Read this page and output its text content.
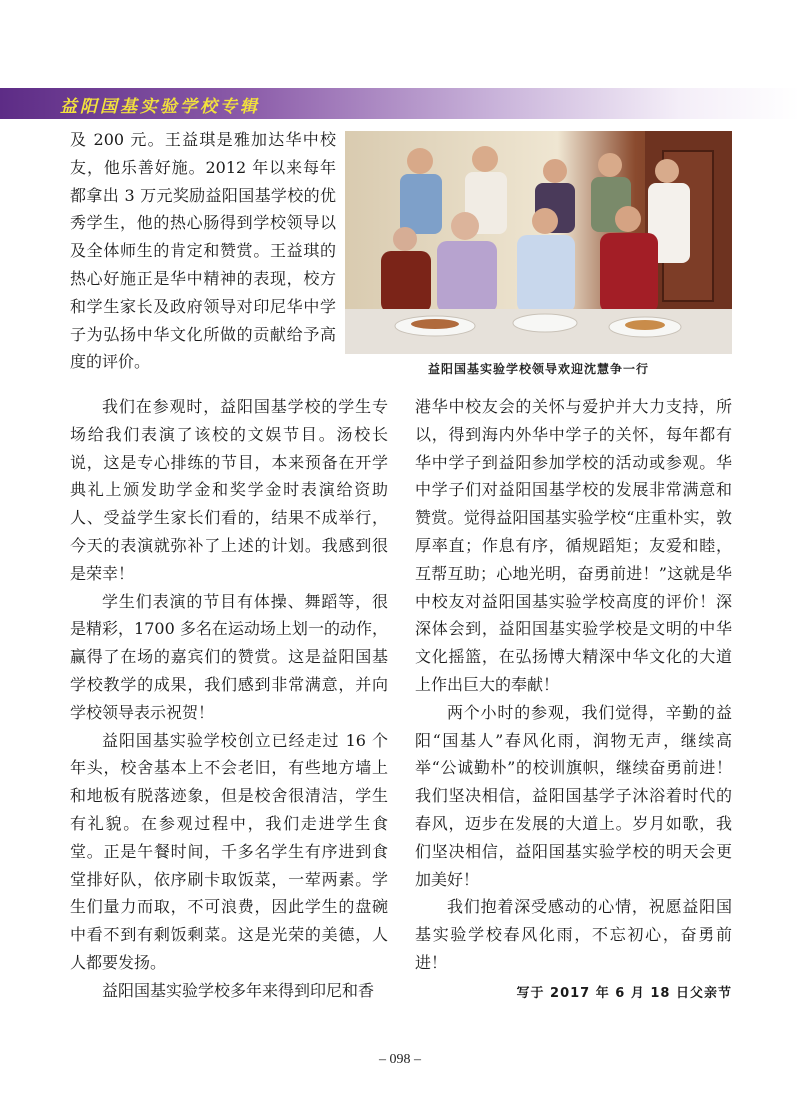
益阳国基实验学校专辑

及 200 元。王益琪是雅加达华中校友，他乐善好施。2012 年以来每年都拿出 3 万元奖励益阳国基学校的优秀学生，他的热心肠得到学校领导以及全体师生的肯定和赞赏。王益琪的热心好施正是华中精神的表现，校方和学生家长及政府领导对印尼华中学子为弘扬中华文化所做的贡献给予高度的评价。	益阳国基实验学校领导欢迎沈慧争一行

我们在参观时，益阳国基学校的学生专场给我们表演了该校的文娱节目。汤校长说，这是专心排练的节目，本来预备在开学典礼上颁发助学金和奖学金时表演给资助人、受益学生家长们看的，结果不成举行，今天的表演就弥补了上述的计划。我感到很是荣幸！

学生们表演的节目有体操、舞蹈等，很是精彩，1700 多名在运动场上划一的动作，赢得了在场的嘉宾们的赞赏。这是益阳国基学校教学的成果，我们感到非常满意，并向学校领导表示祝贺！

益阳国基实验学校创立已经走过 16 个年头，校舍基本上不会老旧，有些地方墙上和地板有脱落迹象，但是校舍很清洁，学生有礼貌。在参观过程中，我们走进学生食堂。正是午餐时间，千多名学生有序进到食堂排好队，依序刷卡取饭菜，一荤两素。学生们量力而取，不可浪费，因此学生的盘碗中看不到有剩饭剩菜。这是光荣的美德，人人都要发扬。

益阳国基实验学校多年来得到印尼和香

港华中校友会的关怀与爱护并大力支持，所以，得到海内外华中学子的关怀，每年都有华中学子到益阳参加学校的活动或参观。华中学子们对益阳国基学校的发展非常满意和赞赏。觉得益阳国基实验学校“庄重朴实，敦厚率直；作息有序，循规蹈矩；友爱和睦，互帮互助；心地光明，奋勇前进！”这就是华中校友对益阳国基实验学校高度的评价！深深体会到，益阳国基实验学校是文明的中华文化摇篮，在弘扬博大精深中华文化的大道上作出巨大的奉献！

两个小时的参观，我们觉得，辛勤的益阳“国基人”春风化雨，润物无声，继续高举“公诚勤朴”的校训旗帜，继续奋勇前进！我们坚决相信，益阳国基学子沐浴着时代的春风，迈步在发展的大道上。岁月如歌，我们坚决相信，益阳国基实验学校的明天会更加美好！

我们抱着深受感动的心情，祝愿益阳国基实验学校春风化雨，不忘初心，奋勇前进！

写于 2017 年 6 月 18 日父亲节
– 098 –
